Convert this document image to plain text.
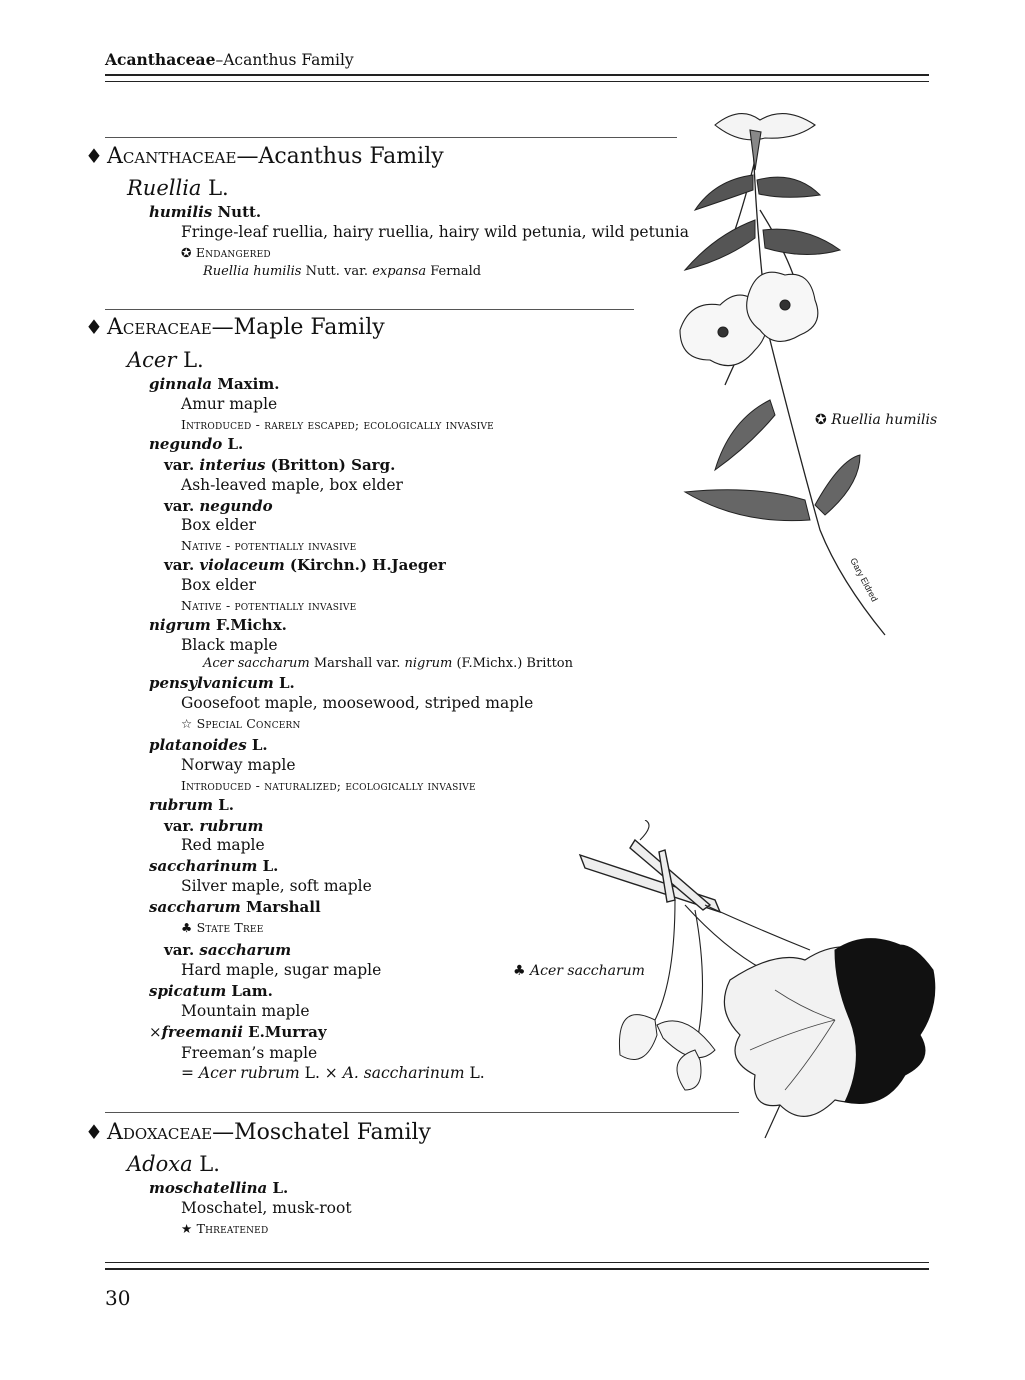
Acanthaceae–Acanthus Family
♦ Acanthaceae—Acanthus Family
Ruellia L.
humilis Nutt.
Fringe-leaf ruellia, hairy ruellia, hairy wild petunia, wild petunia
✪ Endangered
Ruellia humilis Nutt. var. expansa Fernald
♦ Aceraceae—Maple Family
Acer L.
ginnala Maxim.
Amur maple
Introduced - rarely escaped; ecologically invasive
negundo L.
var. interius (Britton) Sarg.
Ash-leaved maple, box elder
var. negundo
Box elder
Native - potentially invasive
var. violaceum (Kirchn.) H.Jaeger
Box elder
Native - potentially invasive
nigrum F.Michx.
Black maple
Acer saccharum Marshall var. nigrum (F.Michx.) Britton
pensylvanicum L.
Goosefoot maple, moosewood, striped maple
☆ Special Concern
platanoides L.
Norway maple
Introduced - naturalized; ecologically invasive
rubrum L.
var. rubrum
Red maple
saccharinum L.
Silver maple, soft maple
saccharum Marshall
♣ State Tree
var. saccharum
Hard maple, sugar maple
spicatum Lam.
Mountain maple
×freemanii E.Murray
Freeman’s maple
= Acer rubrum L. × A. saccharinum L.
♦ Adoxaceae—Moschatel Family
Adoxa L.
moschatellina L.
Moschatel, musk-root
★ Threatened
Gary Eldred
✪ Ruellia humilis
♣ Acer saccharum
30
